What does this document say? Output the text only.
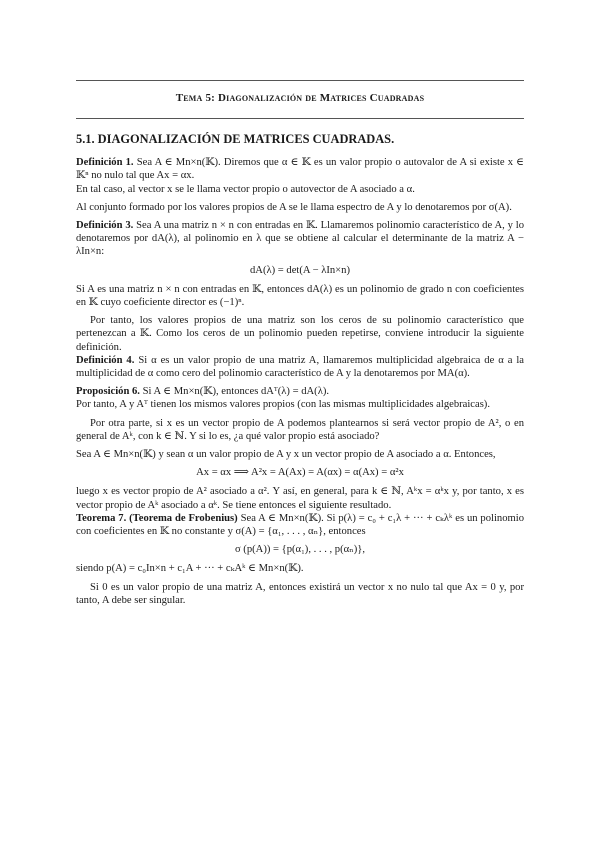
Tema 5: Diagonalización de Matrices Cuadradas
5.1. DIAGONALIZACIÓN DE MATRICES CUADRADAS.

Definición 1. Sea A ∈ Mn×n(𝕂). Diremos que α ∈ 𝕂 es un valor propio o autovalor de A si existe x ∈ 𝕂ⁿ no nulo tal que Ax = αx.

En tal caso, al vector x se le llama vector propio o autovector de A asociado a α.

Al conjunto formado por los valores propios de A se le llama espectro de A y lo denotaremos por σ(A).

Definición 3. Sea A una matriz n × n con entradas en 𝕂. Llamaremos polinomio característico de A, y lo denotaremos por dA(λ), al polinomio en λ que se obtiene al calcular el determinante de la matriz A − λIn×n:

dA(λ) = det(A − λIn×n)

Si A es una matriz n × n con entradas en 𝕂, entonces dA(λ) es un polinomio de grado n con coeficientes en 𝕂 cuyo coeficiente director es (−1)ⁿ.

Por tanto, los valores propios de una matriz son los ceros de su polinomio característico que pertenezcan a 𝕂. Como los ceros de un polinomio pueden repetirse, conviene introducir la siguiente definición.

Definición 4. Si α es un valor propio de una matriz A, llamaremos multiplicidad algebraica de α a la multiplicidad de α como cero del polinomio característico de A y la denotaremos por MA(α).

Proposición 6. Si A ∈ Mn×n(𝕂), entonces dAᵀ(λ) = dA(λ).

Por tanto, A y Aᵀ tienen los mismos valores propios (con las mismas multiplicidades algebraicas).

Por otra parte, si x es un vector propio de A podemos plantearnos si será vector propio de A², o en general de Aᵏ, con k ∈ ℕ. Y si lo es, ¿a qué valor propio está asociado?

Sea A ∈ Mn×n(𝕂) y sean α un valor propio de A y x un vector propio de A asociado a α. Entonces,

Ax = αx ⟹ A²x = A(Ax) = A(αx) = α(Ax) = α²x

luego x es vector propio de A² asociado a α². Y así, en general, para k ∈ ℕ, Aᵏx = αᵏx y, por tanto, x es vector propio de Aᵏ asociado a αᵏ. Se tiene entonces el siguiente resultado.

Teorema 7. (Teorema de Frobenius) Sea A ∈ Mn×n(𝕂). Si p(λ) = c₀ + c₁λ + ··· + cₖλᵏ es un polinomio con coeficientes en 𝕂 no constante y σ(A) = {α₁, . . . , αₙ}, entonces

σ (p(A)) = {p(α₁), . . . , p(αₙ)},

siendo p(A) = c₀In×n + c₁A + ··· + cₖAᵏ ∈ Mn×n(𝕂).

Si 0 es un valor propio de una matriz A, entonces existirá un vector x no nulo tal que Ax = 0 y, por tanto, A debe ser singular.
